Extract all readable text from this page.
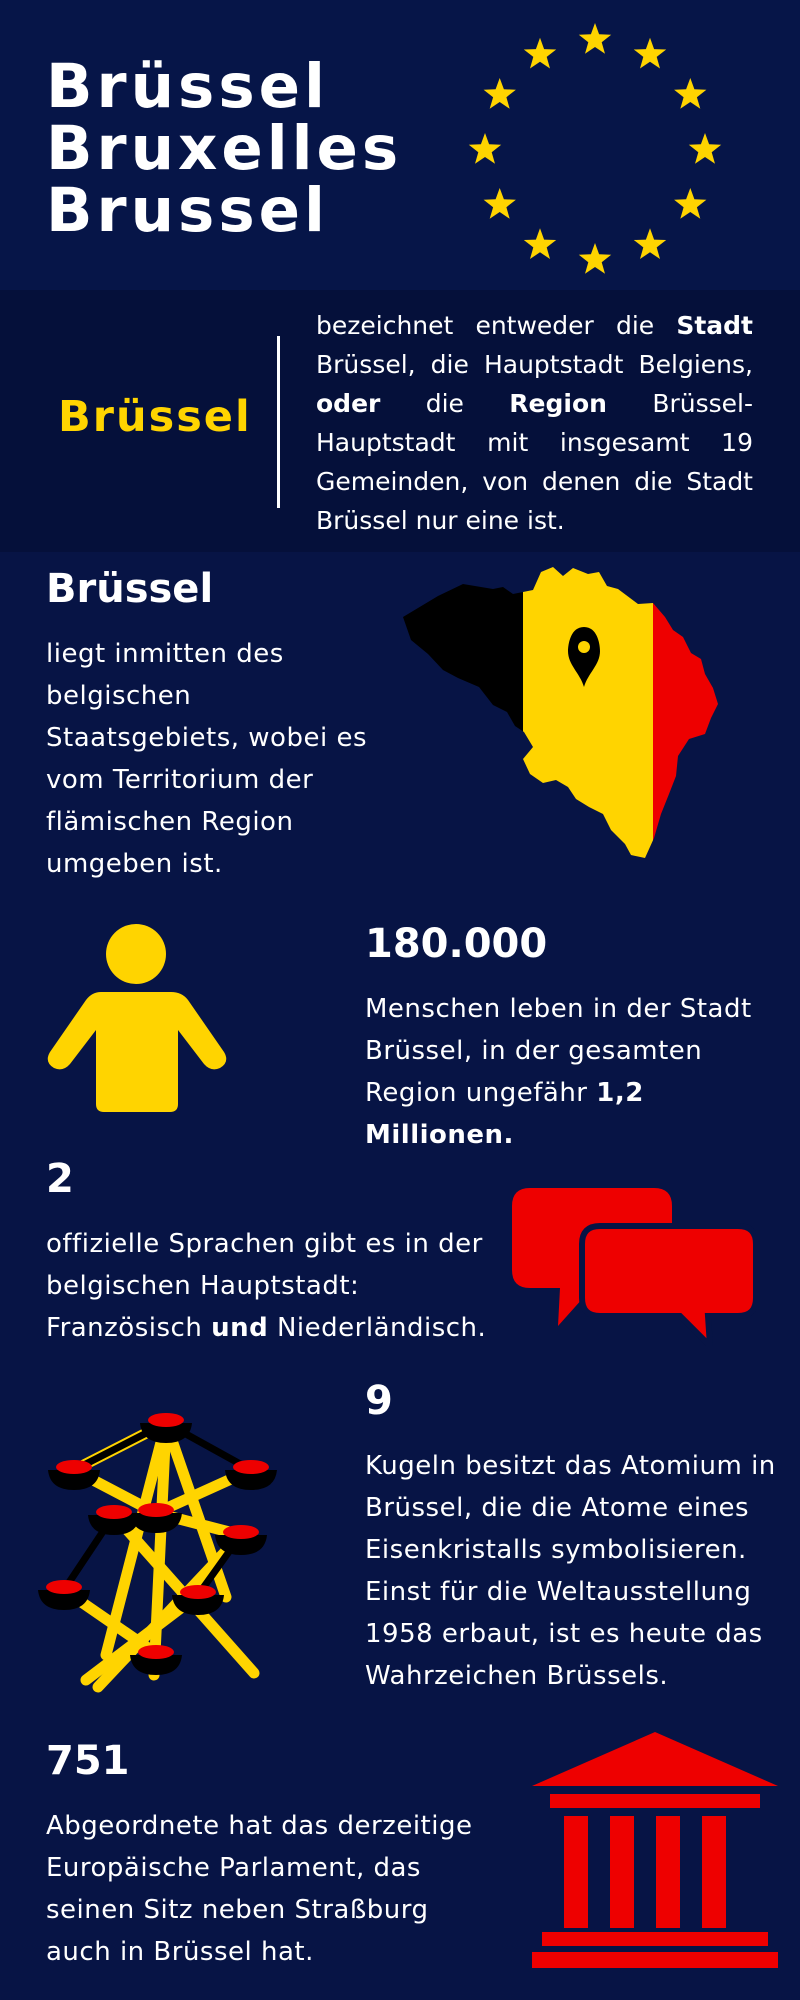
Brüssel
Bruxelles
Brussel
Brüssel
bezeichnet entweder die Stadt Brüssel, die Hauptstadt Belgiens, oder die Region Brüssel-Hauptstadt mit insgesamt 19 Gemeinden, von denen die Stadt Brüssel nur eine ist.
Brüssel
liegt inmitten des belgischen Staatsgebiets, wobei es vom Territorium der flämischen Region umgeben ist.
180.000
Menschen leben in der Stadt Brüssel, in der gesamten Region ungefähr 1,2 Millionen.
2
offizielle Sprachen gibt es in der belgischen Hauptstadt: Französisch und Niederländisch.
9
Kugeln besitzt das Atomium in Brüssel, die die Atome eines Eisenkristalls symbolisieren. Einst für die Weltausstellung 1958 erbaut, ist es heute das Wahrzeichen Brüssels.
751
Abgeordnete hat das derzeitige Europäische Parlament, das seinen Sitz neben Straßburg auch in Brüssel hat.
